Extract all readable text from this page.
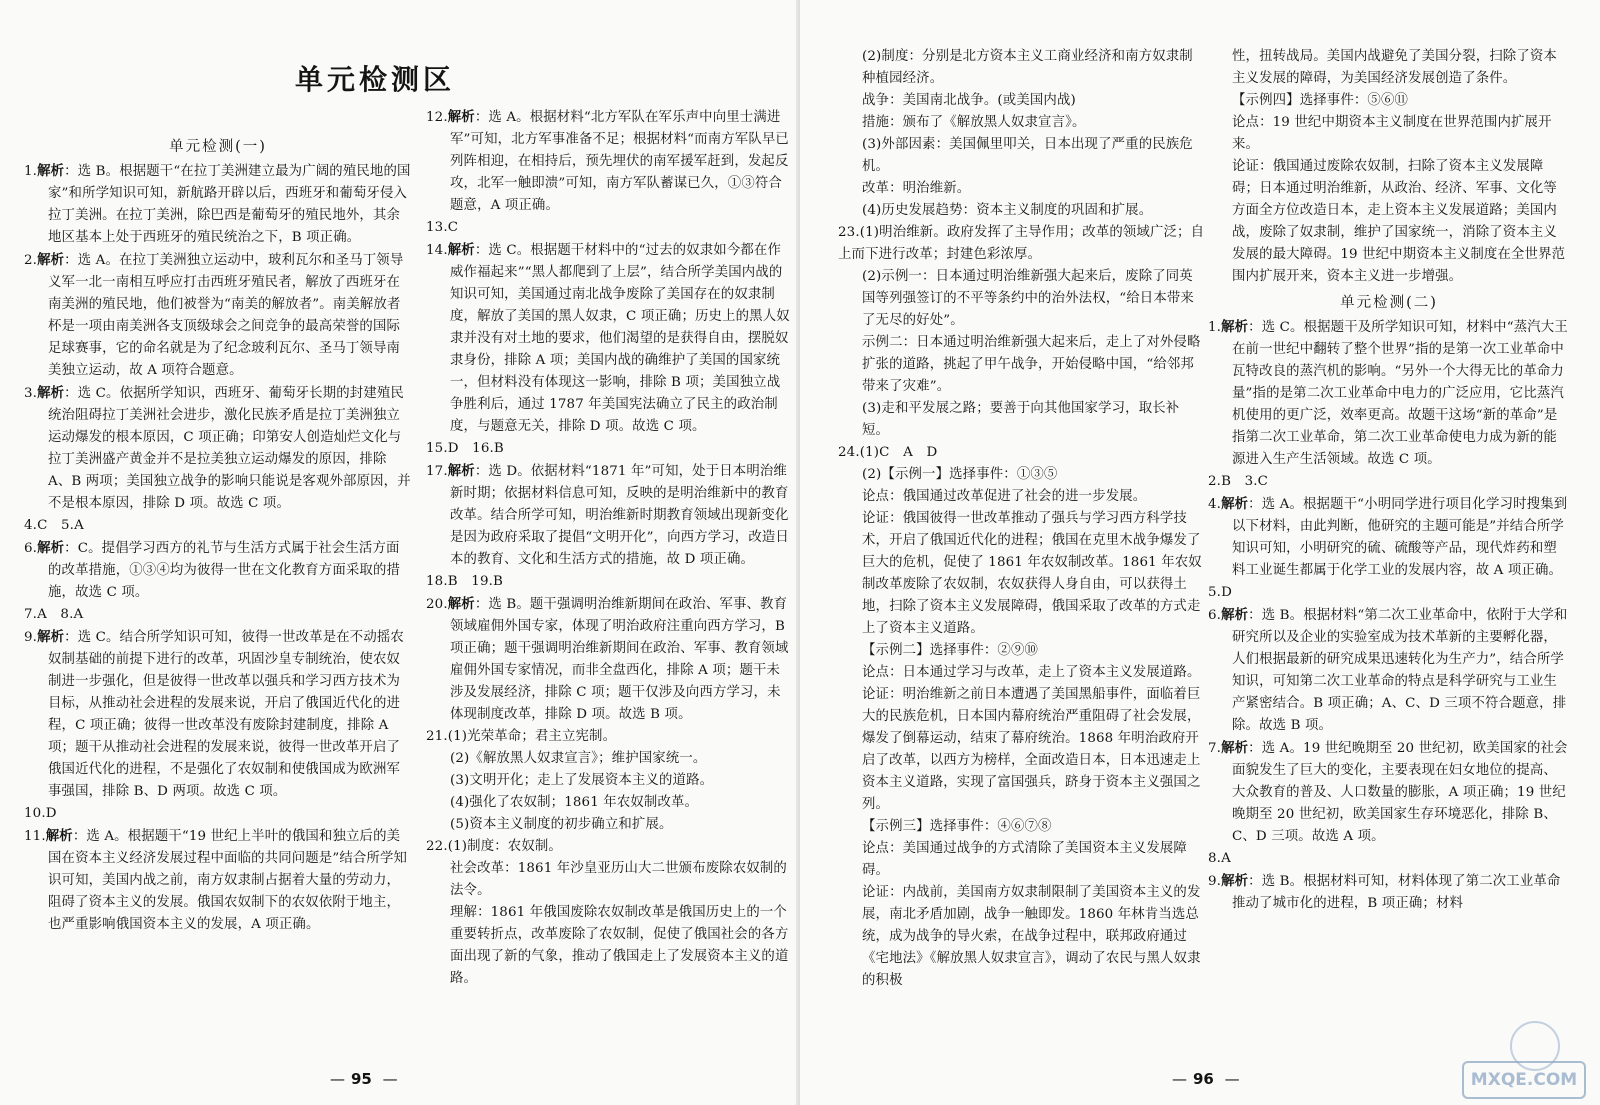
单元检测区
单元检测(一)

1.解析：选 B。根据题干“在拉丁美洲建立最为广阔的殖民地的国家”和所学知识可知，新航路开辟以后，西班牙和葡萄牙侵入拉丁美洲。在拉丁美洲，除巴西是葡萄牙的殖民地外，其余地区基本上处于西班牙的殖民统治之下，B 项正确。

2.解析：选 A。在拉丁美洲独立运动中，玻利瓦尔和圣马丁领导义军一北一南相互呼应打击西班牙殖民者，解放了西班牙在南美洲的殖民地，他们被誉为“南美的解放者”。南美解放者杯是一项由南美洲各支顶级球会之间竞争的最高荣誉的国际足球赛事，它的命名就是为了纪念玻利瓦尔、圣马丁领导南美独立运动，故 A 项符合题意。

3.解析：选 C。依据所学知识，西班牙、葡萄牙长期的封建殖民统治阻碍拉丁美洲社会进步，激化民族矛盾是拉丁美洲独立运动爆发的根本原因，C 项正确；印第安人创造灿烂文化与拉丁美洲盛产黄金并不是拉美独立运动爆发的原因，排除 A、B 两项；美国独立战争的影响只能说是客观外部原因，并不是根本原因，排除 D 项。故选 C 项。

4.C　5.A

6.解析：C。提倡学习西方的礼节与生活方式属于社会生活方面的改革措施，①③④均为彼得一世在文化教育方面采取的措施，故选 C 项。

7.A　8.A

9.解析：选 C。结合所学知识可知，彼得一世改革是在不动摇农奴制基础的前提下进行的改革，巩固沙皇专制统治，使农奴制进一步强化，但是彼得一世改革以强兵和学习西方技术为目标，从推动社会进程的发展来说，开启了俄国近代化的进程，C 项正确；彼得一世改革没有废除封建制度，排除 A 项；题干从推动社会进程的发展来说，彼得一世改革开启了俄国近代化的进程，不是强化了农奴制和使俄国成为欧洲军事强国，排除 B、D 两项。故选 C 项。

10.D

11.解析：选 A。根据题干“19 世纪上半叶的俄国和独立后的美国在资本主义经济发展过程中面临的共同问题是”结合所学知识可知，美国内战之前，南方奴隶制占据着大量的劳动力，阻碍了资本主义的发展。俄国农奴制下的农奴依附于地主，也严重影响俄国资本主义的发展，A 项正确。

12.解析：选 A。根据材料“北方军队在军乐声中向里士满进军”可知，北方军事准备不足；根据材料“而南方军队早已列阵相迎，在相持后，预先埋伏的南军援军赶到，发起反攻，北军一触即溃”可知，南方军队蓄谋已久，①③符合题意，A 项正确。

13.C

14.解析：选 C。根据题干材料中的“过去的奴隶如今都在作威作福起来”“黑人都爬到了上层”，结合所学美国内战的知识可知，美国通过南北战争废除了美国存在的奴隶制度，解放了美国的黑人奴隶，C 项正确；历史上的黑人奴隶并没有对土地的要求，他们渴望的是获得自由，摆脱奴隶身份，排除 A 项；美国内战的确维护了美国的国家统一，但材料没有体现这一影响，排除 B 项；美国独立战争胜利后，通过 1787 年美国宪法确立了民主的政治制度，与题意无关，排除 D 项。故选 C 项。

15.D　16.B

17.解析：选 D。依据材料“1871 年”可知，处于日本明治维新时期；依据材料信息可知，反映的是明治维新中的教育改革。结合所学可知，明治维新时期教育领域出现新变化是因为政府采取了提倡“文明开化”，向西方学习，改造日本的教育、文化和生活方式的措施，故 D 项正确。

18.B　19.B

20.解析：选 B。题干强调明治维新期间在政治、军事、教育领域雇佣外国专家，体现了明治政府注重向西方学习，B 项正确；题干强调明治维新期间在政治、军事、教育领域雇佣外国专家情况，而非全盘西化，排除 A 项；题干未涉及发展经济，排除 C 项；题干仅涉及向西方学习，未体现制度改革，排除 D 项。故选 B 项。

21.(1)光荣革命；君主立宪制。

(2)《解放黑人奴隶宣言》；维护国家统一。

(3)文明开化；走上了发展资本主义的道路。

(4)强化了农奴制；1861 年农奴制改革。

(5)资本主义制度的初步确立和扩展。

22.(1)制度：农奴制。

社会改革：1861 年沙皇亚历山大二世颁布废除农奴制的法令。

理解：1861 年俄国废除农奴制改革是俄国历史上的一个重要转折点，改革废除了农奴制，促使了俄国社会的各方面出现了新的气象，推动了俄国走上了发展资本主义的道路。

—95 —

(2)制度：分别是北方资本主义工商业经济和南方奴隶制种植园经济。

战争：美国南北战争。(或美国内战)

措施：颁布了《解放黑人奴隶宣言》。

(3)外部因素：美国佩里叩关，日本出现了严重的民族危机。

改革：明治维新。

(4)历史发展趋势：资本主义制度的巩固和扩展。

23.(1)明治维新。政府发挥了主导作用；改革的领域广泛；自上而下进行改革；封建色彩浓厚。

(2)示例一：日本通过明治维新强大起来后，废除了同英国等列强签订的不平等条约中的治外法权，“给日本带来了无尽的好处”。

示例二：日本通过明治维新强大起来后，走上了对外侵略扩张的道路，挑起了甲午战争，开始侵略中国，“给邻邦带来了灾难”。

(3)走和平发展之路；要善于向其他国家学习，取长补短。

24.(1)C　A　D

(2)【示例一】选择事件：①③⑤

论点：俄国通过改革促进了社会的进一步发展。

论证：俄国彼得一世改革推动了强兵与学习西方科学技术，开启了俄国近代化的进程；俄国在克里木战争爆发了巨大的危机，促使了 1861 年农奴制改革。1861 年农奴制改革废除了农奴制，农奴获得人身自由，可以获得土地，扫除了资本主义发展障碍，俄国采取了改革的方式走上了资本主义道路。

【示例二】选择事件：②⑨⑩

论点：日本通过学习与改革，走上了资本主义发展道路。

论证：明治维新之前日本遭遇了美国黑船事件，面临着巨大的民族危机，日本国内幕府统治严重阻碍了社会发展，爆发了倒幕运动，结束了幕府统治。1868 年明治政府开启了改革，以西方为榜样，全面改造日本，日本迅速走上资本主义道路，实现了富国强兵，跻身于资本主义强国之列。

【示例三】选择事件：④⑥⑦⑧

论点：美国通过战争的方式清除了美国资本主义发展障碍。

论证：内战前，美国南方奴隶制限制了美国资本主义的发展，南北矛盾加剧，战争一触即发。1860 年林肯当选总统，成为战争的导火索，在战争过程中，联邦政府通过《宅地法》《解放黑人奴隶宣言》，调动了农民与黑人奴隶的积极

性，扭转战局。美国内战避免了美国分裂，扫除了资本主义发展的障碍，为美国经济发展创造了条件。

【示例四】选择事件：⑤⑥⑪

论点：19 世纪中期资本主义制度在世界范围内扩展开来。

论证：俄国通过废除农奴制，扫除了资本主义发展障碍；日本通过明治维新，从政治、经济、军事、文化等方面全方位改造日本，走上资本主义发展道路；美国内战，废除了奴隶制，维护了国家统一，消除了资本主义发展的最大障碍。19 世纪中期资本主义制度在全世界范围内扩展开来，资本主义进一步增强。

单元检测(二)

1.解析：选 C。根据题干及所学知识可知，材料中“蒸汽大王在前一世纪中翻转了整个世界”指的是第一次工业革命中瓦特改良的蒸汽机的影响。“另外一个大得无比的革命力量”指的是第二次工业革命中电力的广泛应用，它比蒸汽机使用的更广泛，效率更高。故题干这场“新的革命”是指第二次工业革命，第二次工业革命使电力成为新的能源进入生产生活领域。故选 C 项。

2.B　3.C

4.解析：选 A。根据题干“小明同学进行项目化学习时搜集到以下材料，由此判断，他研究的主题可能是”并结合所学知识可知，小明研究的硫、硫酸等产品，现代炸药和塑料工业诞生都属于化学工业的发展内容，故 A 项正确。

5.D

6.解析：选 B。根据材料“第二次工业革命中，依附于大学和研究所以及企业的实验室成为技术革新的主要孵化器，人们根据最新的研究成果迅速转化为生产力”，结合所学知识，可知第二次工业革命的特点是科学研究与工业生产紧密结合。B 项正确；A、C、D 三项不符合题意，排除。故选 B 项。

7.解析：选 A。19 世纪晚期至 20 世纪初，欧美国家的社会面貌发生了巨大的变化，主要表现在妇女地位的提高、大众教育的普及、人口数量的膨胀，A 项正确；19 世纪晚期至 20 世纪初，欧美国家生存环境恶化，排除 B、C、D 三项。故选 A 项。

8.A

9.解析：选 B。根据材料可知，材料体现了第二次工业革命推动了城市化的进程，B 项正确；材料

—96 —	MXQE.COM
